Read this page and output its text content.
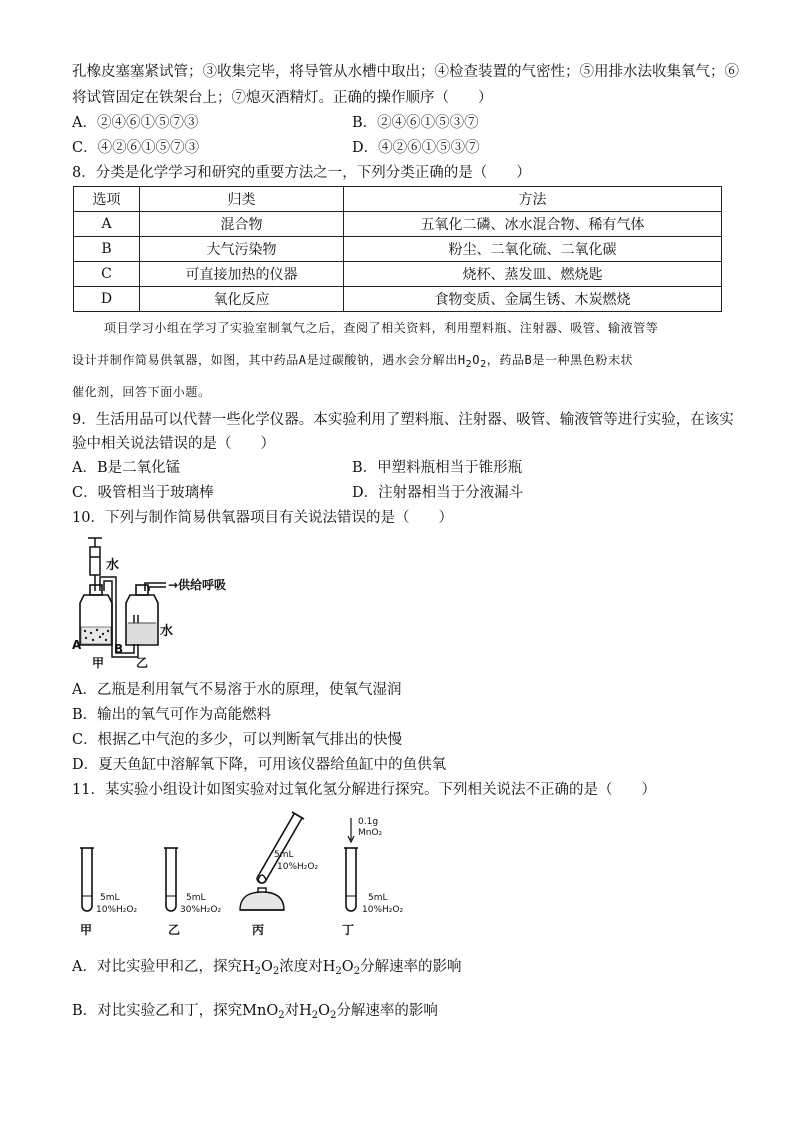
孔橡皮塞塞紧试管；③收集完毕，将导管从水槽中取出；④检查装置的气密性；⑤用排水法收集氧气；⑥
将试管固定在铁架台上；⑦熄灭酒精灯。正确的操作顺序（　　）
A．②④⑥①⑤⑦③	B．②④⑥①⑤③⑦
C．④②⑥①⑤⑦③	D．④②⑥①⑤③⑦
8．分类是化学学习和研究的重要方法之一，下列分类正确的是（　　）
选项	归类	方法
A	混合物	五氧化二磷、冰水混合物、稀有气体
B	大气污染物	粉尘、二氧化硫、二氧化碳
C	可直接加热的仪器	烧杯、蒸发皿、燃烧匙
D	氧化反应	食物变质、金属生锈、木炭燃烧
项目学习小组在学习了实验室制氧气之后，查阅了相关资料，利用塑料瓶、注射器、吸管、输液管等
设计并制作简易供氧器，如图，其中药品A是过碳酸钠，遇水会分解出$H_2O_2$，药品B是一种黑色粉末状
催化剂，回答下面小题。
9．生活用品可以代替一些化学仪器。本实验利用了塑料瓶、注射器、吸管、输液管等进行实验，在该实
验中相关说法错误的是（　　）
A．B是二氧化锰	B．甲塑料瓶相当于锥形瓶
C．吸管相当于玻璃棒	D．注射器相当于分液漏斗
10．下列与制作简易供氧器项目有关说法错误的是（　　）
水
→供给呼吸
水
A	B
甲	乙
A．乙瓶是利用氧气不易溶于水的原理，使氧气湿润
B．输出的氧气可作为高能燃料
C．根据乙中气泡的多少，可以判断氧气排出的快慢
D．夏天鱼缸中溶解氧下降，可用该仪器给鱼缸中的鱼供氧
11．某实验小组设计如图实验对过氧化氢分解进行探究。下列相关说法不正确的是（　　）
5mL
10%H₂O₂
甲
5mL
30%H₂O₂
乙
5mL
10%H₂O₂
丙
0.1g
MnO₂
5mL
10%H₂O₂
丁
A．对比实验甲和乙，探究$H_2O_2$浓度对$H_2O_2$分解速率的影响
B．对比实验乙和丁，探究MnO$_2$对$H_2O_2$分解速率的影响
